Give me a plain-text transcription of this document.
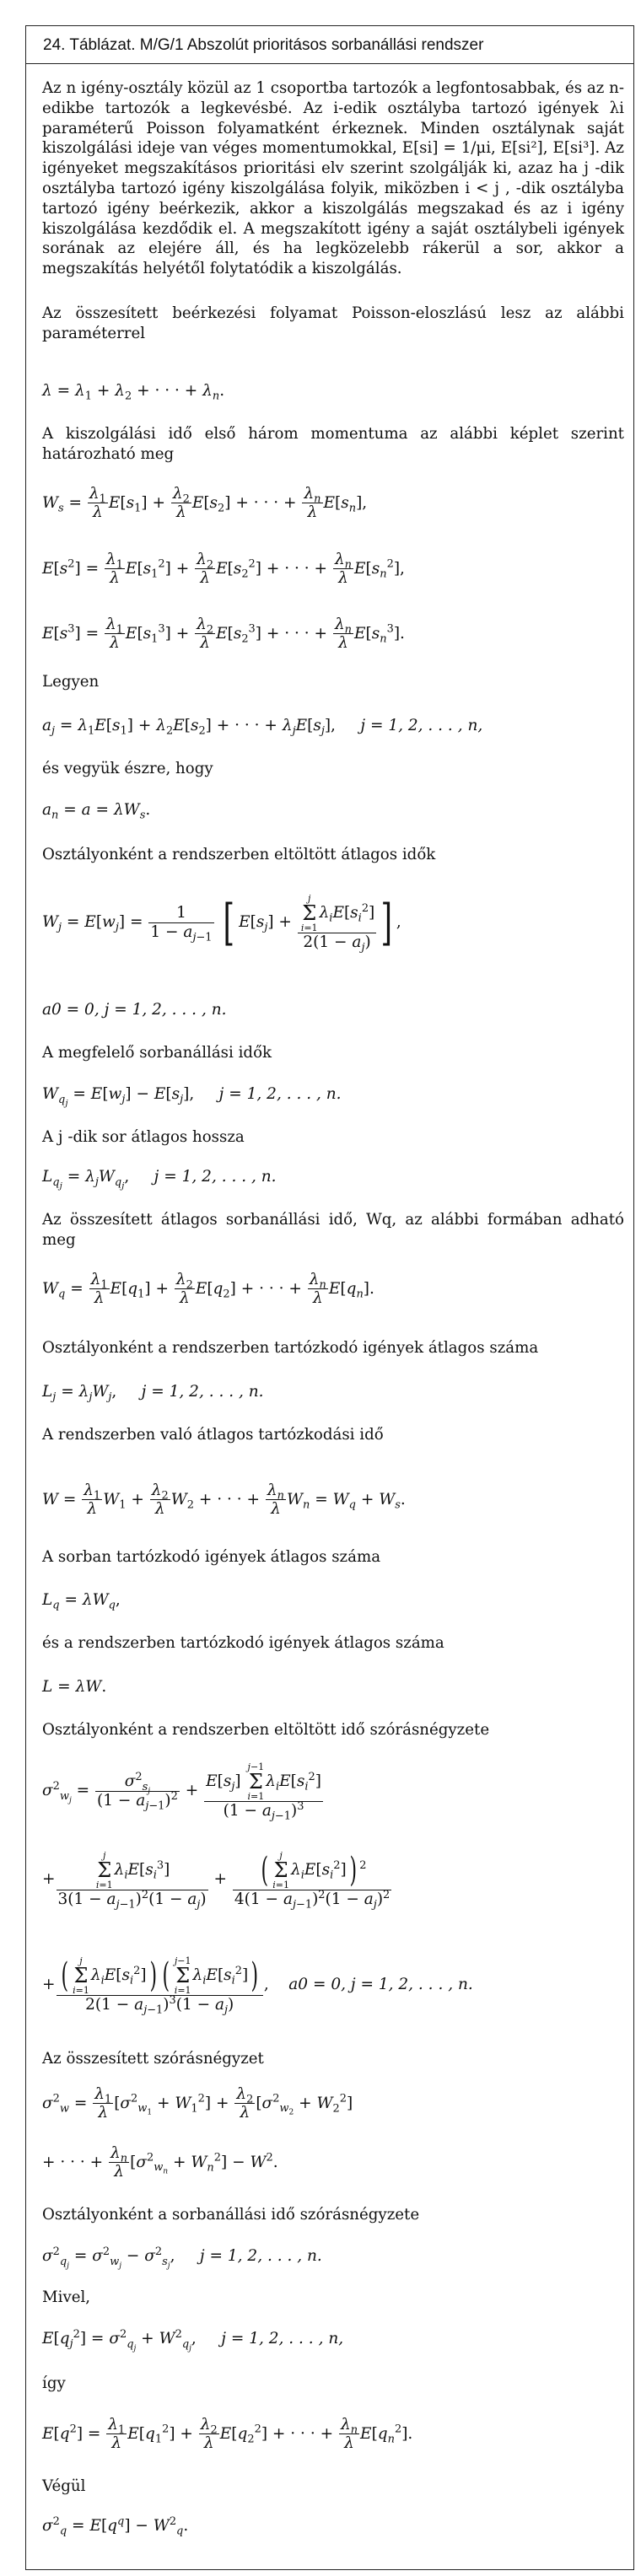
24. Táblázat. M/G/1 Abszolút prioritásos sorbanállási rendszer

Az n igény-osztály közül az 1 csoportba tartozók a legfontosabbak, és az n-edikbe tartozók a legkevésbé. Az i-edik osztályba tartozó igények λi paraméterű Poisson folyamatként érkeznek. Minden osztálynak saját kiszolgálási ideje van véges momentumokkal, E[si] = 1/μi, E[si²], E[si³]. Az igényeket megszakításos prioritási elv szerint szolgálják ki, azaz ha j -dik osztályba tartozó igény kiszolgálása folyik, miközben i < j , -dik osztályba tartozó igény beérkezik, akkor a kiszolgálás megszakad és az i igény kiszolgálása kezdődik el. A megszakított igény a saját osztálybeli igények sorának az elejére áll, és ha legközelebb rákerül a sor, akkor a megszakítás helyétől folytatódik a kiszolgálás.

Az összesített beérkezési folyamat Poisson-eloszlású lesz az alábbi paraméterrel

$\lambda = \lambda_1 + \lambda_2$ + · · · + $\lambda_n$.

A kiszolgálási idő első három momentuma az alábbi képlet szerint határozható meg

$W_s = \frac{\lambda_1}{\lambda} E[s_1] + \frac{\lambda_2}{\lambda} E[s_2]$ + · · · + $\frac{\lambda_n}{\lambda} E[s_n]$,
$E[s^2] = \frac{\lambda_1}{\lambda} E[s_1^2] + \frac{\lambda_2}{\lambda} E[s_2^2]$ + · · · + $\frac{\lambda_n}{\lambda} E[s_n^2]$,
$E[s^3] = \frac{\lambda_1}{\lambda} E[s_1^3] + \frac{\lambda_2}{\lambda} E[s_2^3]$ + · · · + $\frac{\lambda_n}{\lambda} E[s_n^3]$.

Legyen

$a_j = \lambda_1E[s_1] + \lambda_2E[s_2]$ + · · · + $\lambda_jE[s_j]$,     j = 1, 2, . . . , n,

és vegyük észre, hogy

$a_n = a = \lambda W_s$.

Osztályonként a rendszerben eltöltött átlagos idők

$W_j = E[w_j] = \frac{1}{1 - a_{j-1}}$ [ $E[s_j] + j$
Σ
i=1
$\lambda_iE[s_i^2]$
$2(1 - a_j)$ ] ,
a0 = 0, j = 1, 2, . . . , n.

A megfelelő sorbanállási idők

$W_{q_j} = E[w_j] - E[s_j]$,     j = 1, 2, . . . , n.

A j -dik sor átlagos hossza

$L_{q_j} = \lambda_jW_{q_j}$,     j = 1, 2, . . . , n.

Az összesített átlagos sorbanállási idő, Wq, az alábbi formában adható meg

$W_q = \frac{\lambda_1}{\lambda} E[q_1] + \frac{\lambda_2}{\lambda} E[q_2]$ + · · · + $\frac{\lambda_n}{\lambda} E[q_n]$.

Osztályonként a rendszerben tartózkodó igények átlagos száma

$L_j = \lambda_jW_j$,     j = 1, 2, . . . , n.

A rendszerben való átlagos tartózkodási idő

$W = \frac{\lambda_1}{\lambda} W_1 + \frac{\lambda_2}{\lambda} W_2$ + · · · + $\frac{\lambda_n}{\lambda} W_n = W_q + W_s$.

A sorban tartózkodó igények átlagos száma

$L_q = \lambda W_q$,

és a rendszerben tartózkodó igények átlagos száma

L = λW.

Osztályonként a rendszerben eltöltött idő szórásnégyzete

$\sigma^2_{w_j} = \frac{\sigma^2_{s_j}}{(1 - a_{j-1})^2} + E[s_j]$
j−1
Σ
i=1
$\lambda_iE[s_i^2]$
$(1 - a_{j-1})^3$
+ j
Σ
i=1
$\lambda_iE[s_i^3]$
$3(1 - a_{j-1})^2(1 - a_j)$ + (	j
Σ
i=1
$\lambda_iE[s_i^2]$) $^2$
$4(1 - a_{j-1})^2(1 - a_j)^2$
+ (	j
Σ
i=1
$\lambda_iE[s_i^2]$) ( j−1
Σ
i=1
$\lambda_iE[s_i^2]$)
$2(1 - a_{j-1})^3(1 - a_j)$ ,    a0 = 0, j = 1, 2, . . . , n.

Az összesített szórásnégyzet

$\sigma^2_w = \frac{\lambda_1}{\lambda} [\sigma^2_{w_1} + W_1^2] + \frac{\lambda_2}{\lambda} [\sigma^2_{w_2} + W_2^2]$
+ · · · + $\frac{\lambda_n}{\lambda} [\sigma^2_{w_n} + W_n^2] - W^2$.

Osztályonként a sorbanállási idő szórásnégyzete

$\sigma^2_{q_j} = \sigma^2_{w_j} - \sigma^2_{s_j}$,     j = 1, 2, . . . , n.

Mivel,

$E[q_j^2] = \sigma^2_{q_j} + W^2_{q_j}$,     j = 1, 2, . . . , n,

így

$E[q^2] = \frac{\lambda_1}{\lambda} E[q_1^2] + \frac{\lambda_2}{\lambda} E[q_2^2]$ + · · · + $\frac{\lambda_n}{\lambda} E[q_n^2]$.

Végül

$\sigma^2_q = E[q^q] - W^2_q$.
